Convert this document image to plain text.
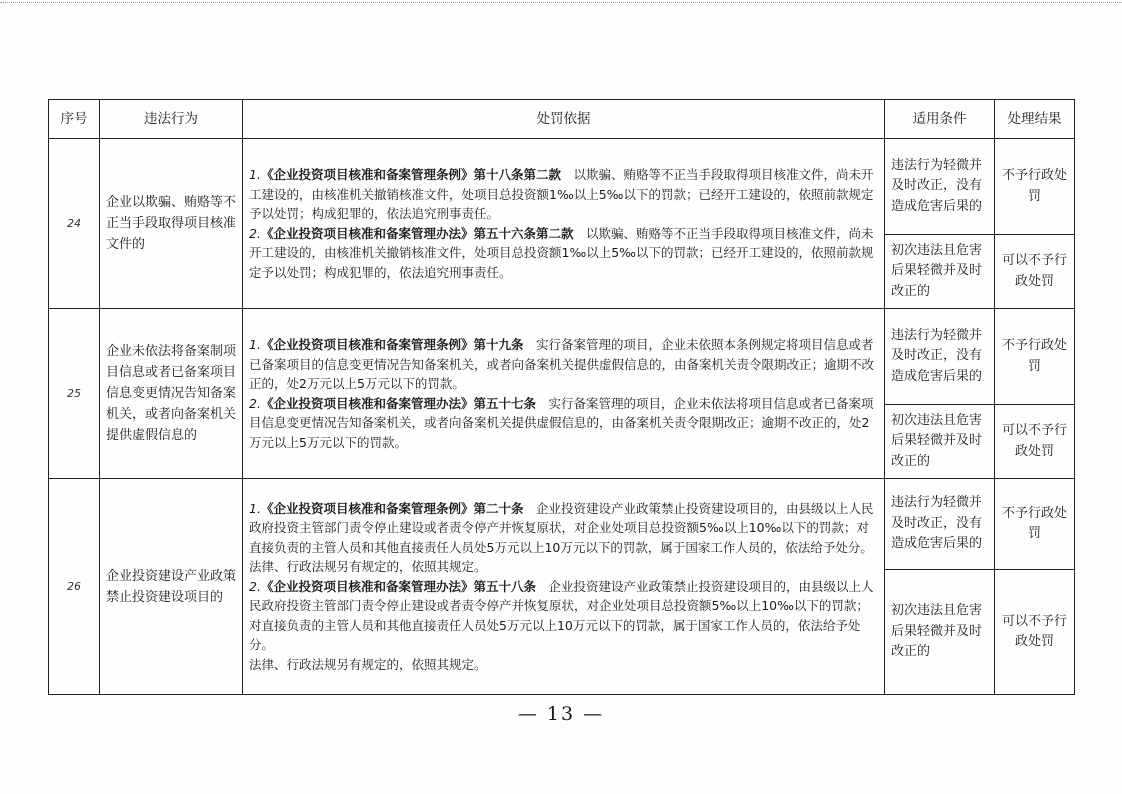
序号	违法行为	处罚依据	适用条件	处理结果
24	企业以欺骗、贿赂等不正当手段取得项目核准文件的	1.《企业投资项目核准和备案管理条例》第十八条第二款　 以欺骗、贿赂等不正当手段取得项目核准文件，尚未开工建设的，由核准机关撤销核准文件，处项目总投资额1‰以上5‰以下的罚款；已经开工建设的，依照前款规定予以处罚；构成犯罪的，依法追究刑事责任。
2.《企业投资项目核准和备案管理办法》第五十六条第二款　 以欺骗、贿赂等不正当手段取得项目核准文件，尚未开工建设的，由核准机关撤销核准文件，处项目总投资额1‰以上5‰以下的罚款；已经开工建设的，依照前款规定予以处罚；构成犯罪的，依法追究刑事责任。	违法行为轻微并及时改正，没有造成危害后果的	不予行政处罚
			初次违法且危害后果轻微并及时改正的	可以不予行政处罚
25	企业未依法将备案制项目信息或者已备案项目信息变更情况告知备案机关，或者向备案机关提供虚假信息的	1.《企业投资项目核准和备案管理条例》第十九条　 实行备案管理的项目，企业未依照本条例规定将项目信息或者已备案项目的信息变更情况告知备案机关，或者向备案机关提供虚假信息的，由备案机关责令限期改正；逾期不改正的，处2万元以上5万元以下的罚款。
2.《企业投资项目核准和备案管理办法》第五十七条　 实行备案管理的项目，企业未依法将项目信息或者已备案项目信息变更情况告知备案机关，或者向备案机关提供虚假信息的，由备案机关责令限期改正；逾期不改正的，处2万元以上5万元以下的罚款。	违法行为轻微并及时改正，没有造成危害后果的	不予行政处罚
			初次违法且危害后果轻微并及时改正的	可以不予行政处罚
26	企业投资建设产业政策禁止投资建设项目的	1.《企业投资项目核准和备案管理条例》第二十条　 企业投资建设产业政策禁止投资建设项目的，由县级以上人民政府投资主管部门责令停止建设或者责令停产并恢复原状，对企业处项目总投资额5‰以上10‰以下的罚款；对直接负责的主管人员和其他直接责任人员处5万元以上10万元以下的罚款，属于国家工作人员的，依法给予处分。法律、行政法规另有规定的，依照其规定。
2.《企业投资项目核准和备案管理办法》第五十八条　 企业投资建设产业政策禁止投资建设项目的，由县级以上人民政府投资主管部门责令停止建设或者责令停产并恢复原状，对企业处项目总投资额5‰以上10‰以下的罚款；对直接负责的主管人员和其他直接责任人员处5万元以上10万元以下的罚款，属于国家工作人员的，依法给予处分。
法律、行政法规另有规定的，依照其规定。	违法行为轻微并及时改正，没有造成危害后果的	不予行政处罚
			初次违法且危害后果轻微并及时改正的	可以不予行政处罚
— 13 —
